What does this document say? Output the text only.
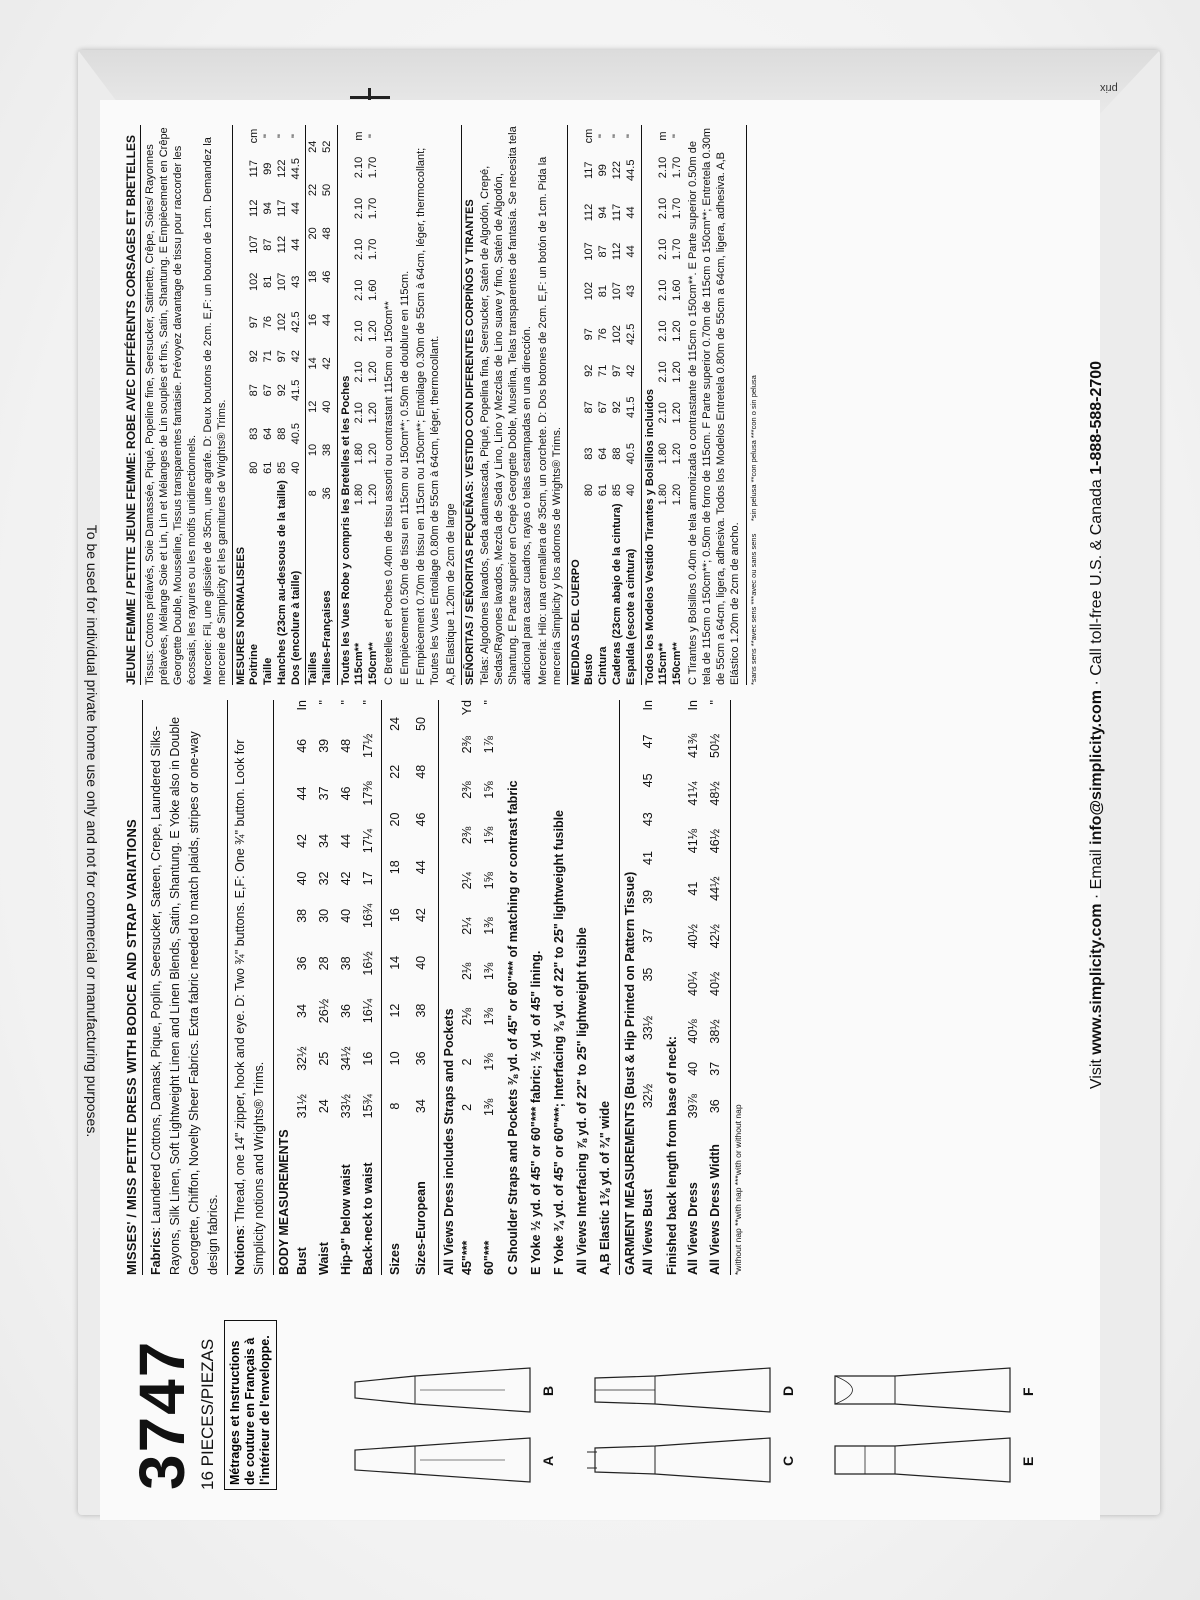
prix
To be used for individual private home use only and not for commercial or manufacturing purposes.
3747 16 PIECES/PIEZAS Métrages et Instructions de couture en Français à l'intérieur de l'enveloppe.	A
B
C
D
E
F
MISSES' / MISS PETITE DRESS WITH BODICE AND STRAP VARIATIONS Fabrics: Laundered Cottons, Damask, Pique, Poplin, Seersucker, Sateen, Crepe, Laundered Silks-Rayons, Silk Linen, Soft Lightweight Linen and Linen Blends, Satin, Shantung. E Yoke also in Double Georgette, Chiffon, Novelty Sheer Fabrics. Extra fabric needed to match plaids, stripes or one-way design fabrics.	Notions: Thread, one 14" zipper, hook and eye. D: Two ¾" buttons. E,F: One ¾" button. Look for Simplicity notions and Wrights® Trims. BODY MEASUREMENTS Bust	31½	32½	34	36	38	40	42	44	46	In
Waist	24	25	26½	28	30	32	34	37	39	"
Hip-9" below waist	33½	34½	36	38	40	42	44	46	48	"
Back-neck to waist	15¾	16	16¼	16½	16¾	17	17¼	17⅜	17½	"
Sizes	8	10	12	14	16	18	20	22	24
Sizes-European	34	36	38	40	42	44	46	48	50
All Views Dress includes Straps and Pockets 45"***	2	2	2⅛	2⅛	2¼	2¼	2⅜	2⅜	2⅜	Yd
60"***	1⅜	1⅜	1⅜	1⅜	1⅜	1⅝	1⅝	1⅝	1⅞	"
C Shoulder Straps and Pockets ⅜ yd. of 45" or 60"*** of matching or contrast fabric E Yoke ½ yd. of 45" or 60"*** fabric; ½ yd. of 45" lining. F Yoke ¾ yd. of 45" or 60"***; Interfacing ⅜ yd. of 22" to 25" lightweight fusible All Views Interfacing ⅞ yd. of 22" to 25" lightweight fusible A,B Elastic 1⅜ yd. of ¾" wide GARMENT MEASUREMENTS (Bust & Hip Printed on Pattern Tissue) All Views Bust	32½	33½	35	37	39	41	43	45	47	In
Finished back length from base of neck: All Views Dress	39⅞	40	40⅛	40¼	40½	41	41⅛	41¼	41⅜	In
All Views Dress Width	36	37	38½	40½	42½	44½	46½	48½	50½	"
*without nap **with nap ***with or without nap
JEUNE FEMME / PETITE JEUNE FEMME: ROBE AVEC DIFFÉRENTS CORSAGES ET BRETELLES Tissus: Cotons prélavés, Soie Damassée, Piqué, Popeline fine, Seersucker, Satinette, Crêpe, Soies/ Rayonnes prélavées, Mélange Soie et Lin, Lin et Mélanges de Lin souples et fins, Satin, Shantung. E Empiècement en Crêpe Georgette Double, Mousseline, Tissus transparentes fantaisie. Prévoyez davantage de tissu pour raccorder les écossais, les rayures ou les motifs unidirectionnels. Mercerie: Fil, une glissière de 35cm, une agrafe. D: Deux boutons de 2cm. E,F: un bouton de 1cm. Demandez la mercerie de Simplicity et les garnitures de Wrights® Trims. MESURES NORMALISEES Poitrine	80	83	87	92	97	102	107	112	117	cm
Taille	61	64	67	71	76	81	87	94	99	"
Hanches (23cm au-dessous de la taille)	85	88	92	97	102	107	112	117	122	"
Dos (encolure à taille)	40	40.5	41.5	42	42.5	43	44	44	44.5	"
Tailles	8	10	12	14	16	18	20	22	24
Tailles-Françaises	36	38	40	42	44	46	48	50	52
Toutes les Vues Robe y compris les Bretelles et les Poches 115cm**	1.80	1.80	2.10	2.10	2.10	2.10	2.10	2.10	2.10	m
150cm**	1.20	1.20	1.20	1.20	1.20	1.60	1.70	1.70	1.70	"
C Bretelles et Poches 0.40m de tissu assorti ou contrastant 115cm ou 150cm** E Empiècement 0.50m de tissu en 115cm ou 150cm**; 0.50m de doublure en 115cm. F Empiècement 0.70m de tissu en 115cm ou 150cm**; Entoilage 0.30m de 55cm à 64cm, léger, thermocollant; Toutes les Vues Entoilage 0.80m de 55cm à 64cm, léger, thermocollant. A,B Elastique 1.20m de 2cm de large SEÑORITAS / SEÑORITAS PEQUEÑAS: VESTIDO CON DIFERENTES CORPIÑOS Y TIRANTES Telas: Algodones lavados, Seda adamascada, Piqué, Popelina fina, Seersucker, Satén de Algodón, Crepé, Sedas/Rayones lavados, Mezcla de Seda y Lino, Lino y Mezclas de Lino suave y fino, Satén de Algodón, Shantung. E Parte superior en Crepé Georgette Doble, Muselina, Telas transparentes de fantasía. Se necesita tela adicional para casar cuadros, rayas o telas estampadas en una dirección. Mercería: Hilo: una cremallera de 35cm, un corchete. D: Dos botones de 2cm. E,F: un botón de 1cm. Pida la mercería Simplicity y los adornos de Wrights® Trims. MEDIDAS DEL CUERPO Busto	80	83	87	92	97	102	107	112	117	cm
Cintura	61	64	67	71	76	81	87	94	99	"
Caderas (23cm abajo de la cintura)	85	88	92	97	102	107	112	117	122	"
Espalda (escote a cintura)	40	40.5	41.5	42	42.5	43	44	44	44.5	"
Todos los Modelos Vestido Tirantes y Bolsillos incluidos 115cm**	1.80	1.80	2.10	2.10	2.10	2.10	2.10	2.10	2.10	m
150cm**	1.20	1.20	1.20	1.20	1.20	1.60	1.70	1.70	1.70	"
C Tirantes y Bolsillos 0.40m de tela armonizada o contrastante de 115cm o 150cm**. E Parte superior 0.50m de tela de 115cm o 150cm**; 0.50m de forro de 115cm. F Parte superior 0.70m de 115cm o 150cm**; Entretela 0.30m de 55cm a 64cm, ligera, adhesiva. Todos los Modelos Entretela 0.80m de 55cm a 64cm, ligera, adhesiva. A,B Elástico 1.20m de 2cm de ancho.	*sans sens **avec sens ***avec ou sans sens      *sin pelusa **con pelusa ***con o sin pelusa
Visit www.simplicity.com · Email info@simplicity.com · Call toll-free U.S. & Canada 1-888-588-2700
